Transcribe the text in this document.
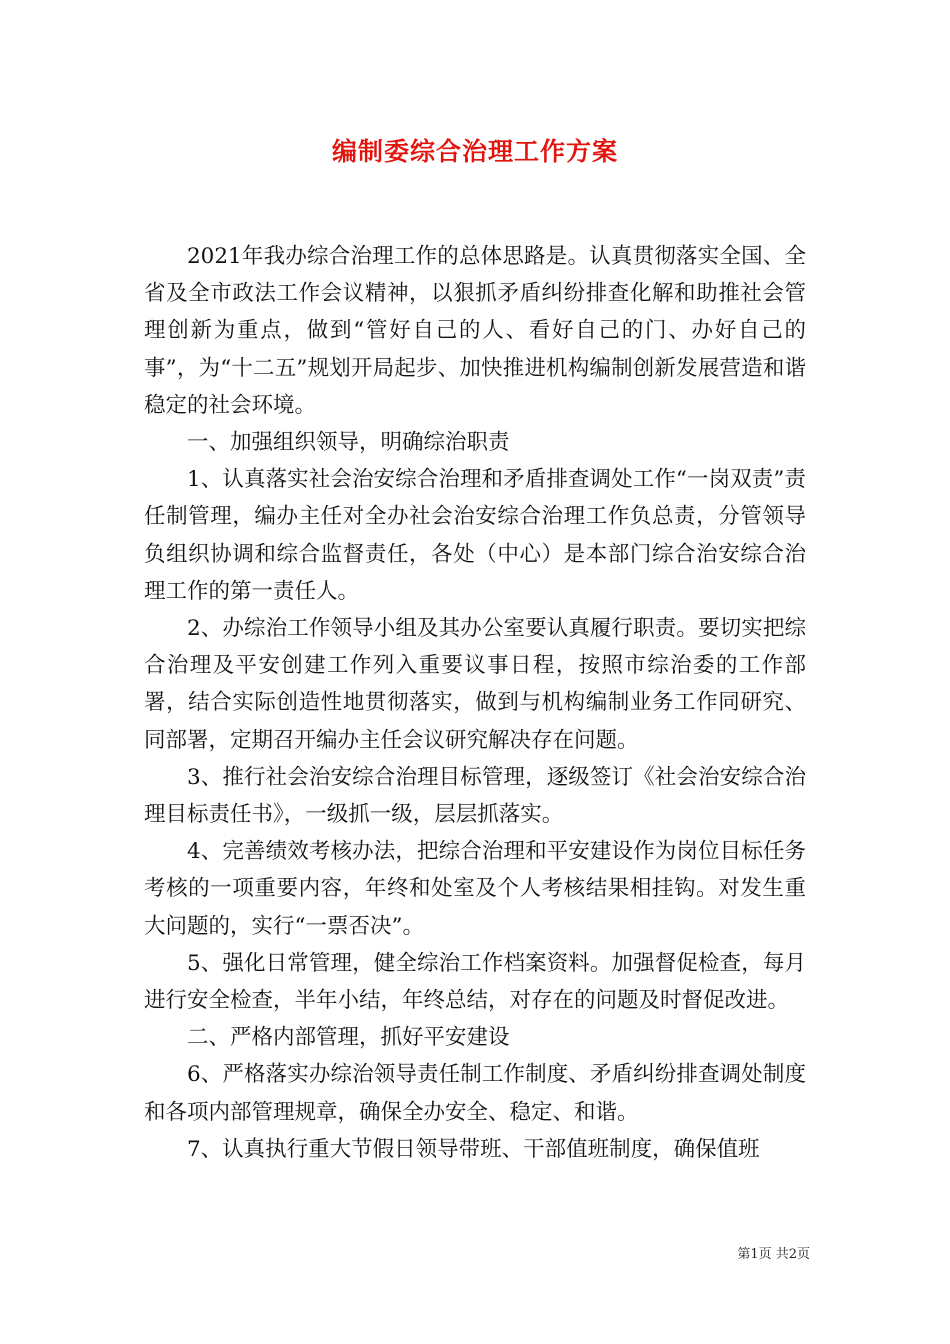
编制委综合治理工作方案

2021年我办综合治理工作的总体思路是。认真贯彻落实全国、全省及全市政法工作会议精神，以狠抓矛盾纠纷排查化解和助推社会管理创新为重点，做到“管好自己的人、看好自己的门、办好自己的事”，为“十二五”规划开局起步、加快推进机构编制创新发展营造和谐稳定的社会环境。

一、加强组织领导，明确综治职责

1、认真落实社会治安综合治理和矛盾排查调处工作“一岗双责”责任制管理，编办主任对全办社会治安综合治理工作负总责，分管领导负组织协调和综合监督责任，各处（中心）是本部门综合治安综合治理工作的第一责任人。

2、办综治工作领导小组及其办公室要认真履行职责。要切实把综合治理及平安创建工作列入重要议事日程，按照市综治委的工作部署，结合实际创造性地贯彻落实，做到与机构编制业务工作同研究、同部署，定期召开编办主任会议研究解决存在问题。

3、推行社会治安综合治理目标管理，逐级签订《社会治安综合治理目标责任书》，一级抓一级，层层抓落实。

4、完善绩效考核办法，把综合治理和平安建设作为岗位目标任务考核的一项重要内容，年终和处室及个人考核结果相挂钩。对发生重大问题的，实行“一票否决”。

5、强化日常管理，健全综治工作档案资料。加强督促检查，每月进行安全检查，半年小结，年终总结，对存在的问题及时督促改进。

二、严格内部管理，抓好平安建设

6、严格落实办综治领导责任制工作制度、矛盾纠纷排查调处制度和各项内部管理规章，确保全办安全、稳定、和谐。

7、认真执行重大节假日领导带班、干部值班制度，确保值班

第1页 共2页
